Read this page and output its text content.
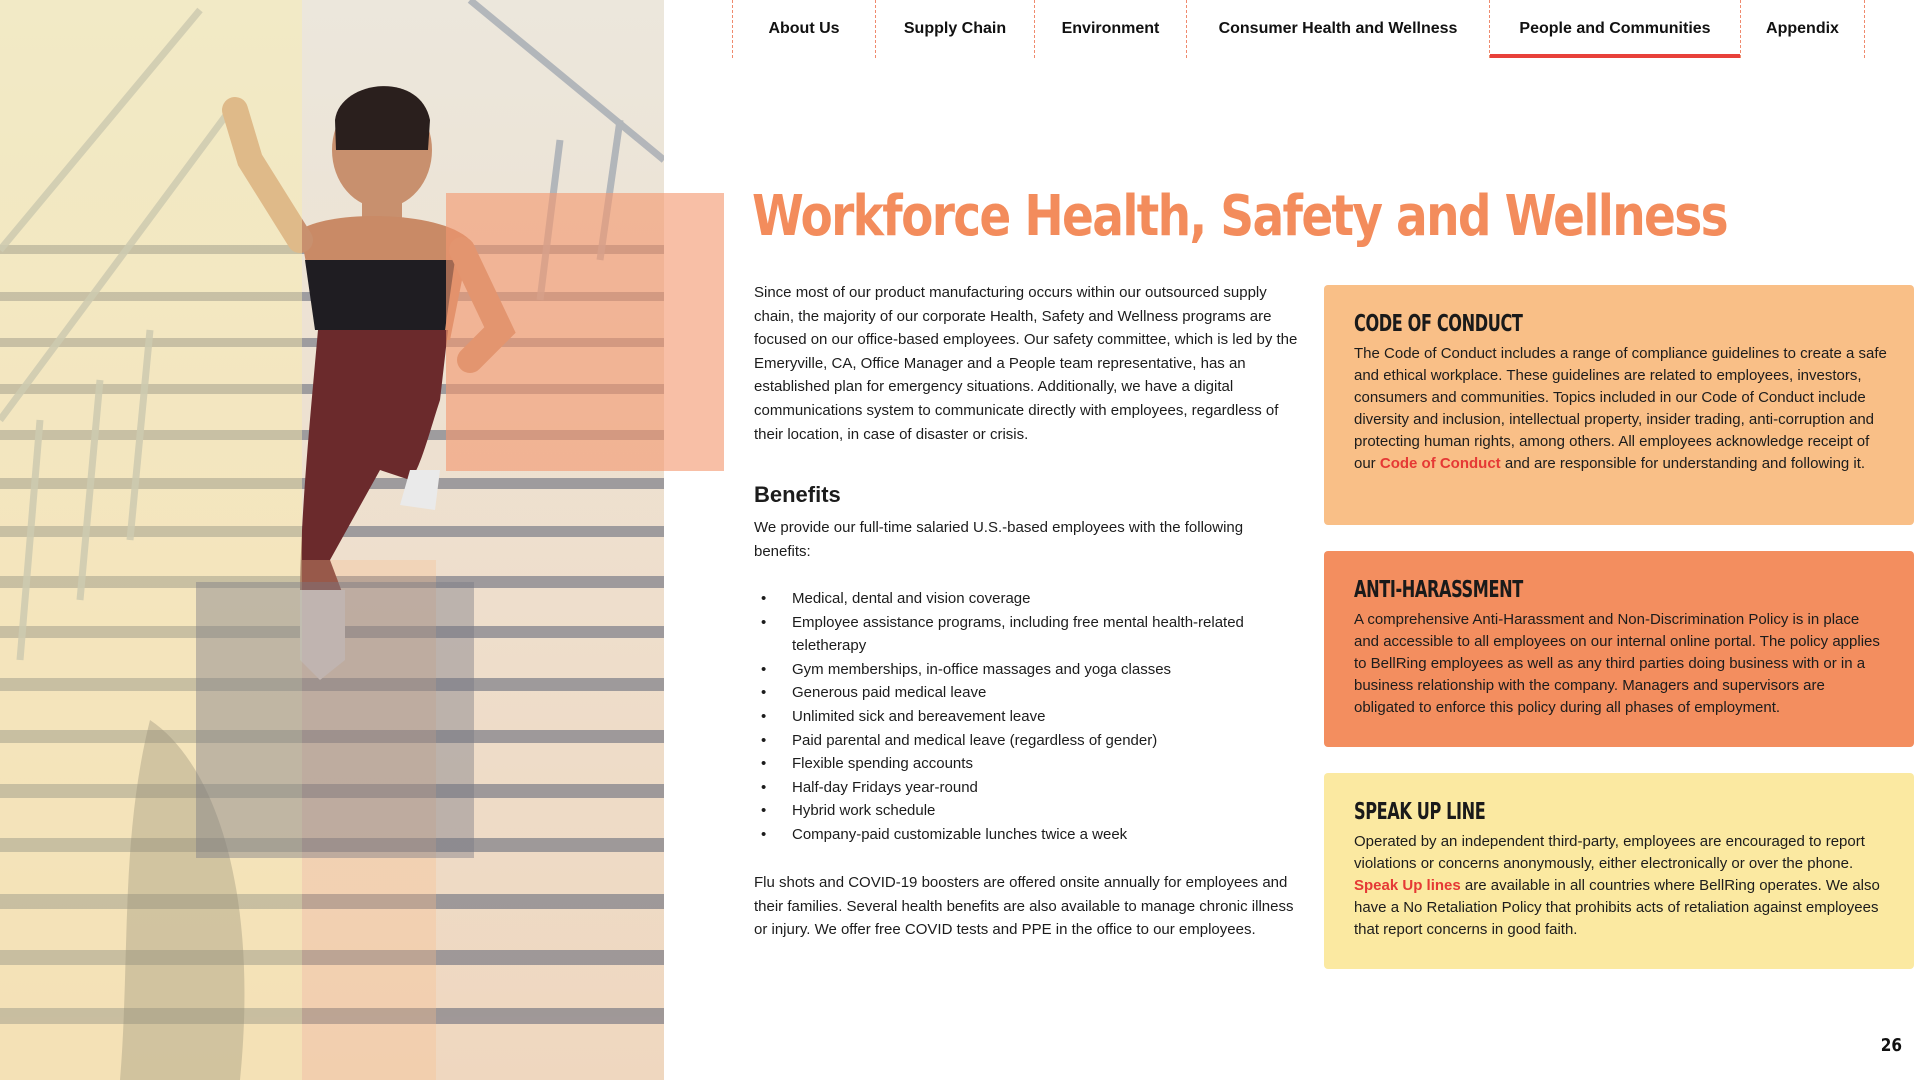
About Us	Supply Chain	Environment	Consumer Health and Wellness	People and Communities	Appendix
Workforce Health, Safety and Wellness

Since most of our product manufacturing occurs within our outsourced supply chain, the majority of our corporate Health, Safety and Wellness programs are focused on our office-based employees. Our safety committee, which is led by the Emeryville, CA, Office Manager and a People team representative, has an established plan for emergency situations. Additionally, we have a digital communications system to communicate directly with employees, regardless of their location, in case of disaster or crisis.

Benefits

We provide our full-time salaried U.S.-based employees with the following benefits:

• Medical, dental and vision coverage
• Employee assistance programs, including free mental health-related teletherapy
• Gym memberships, in-office massages and yoga classes
• Generous paid medical leave
• Unlimited sick and bereavement leave
• Paid parental and medical leave (regardless of gender)
• Flexible spending accounts
• Half-day Fridays year-round
• Hybrid work schedule
• Company-paid customizable lunches twice a week

Flu shots and COVID-19 boosters are offered onsite annually for employees and their families. Several health benefits are also available to manage chronic illness or injury. We offer free COVID tests and PPE in the office to our employees.

CODE OF CONDUCT

The Code of Conduct includes a range of compliance guidelines to create a safe and ethical workplace. These guidelines are related to employees, investors, consumers and communities. Topics included in our Code of Conduct include diversity and inclusion, intellectual property, insider trading, anti-corruption and protecting human rights, among others. All employees acknowledge receipt of our Code of Conduct and are responsible for understanding and following it.

ANTI-HARASSMENT

A comprehensive Anti-Harassment and Non-Discrimination Policy is in place and accessible to all employees on our internal online portal. The policy applies to BellRing employees as well as any third parties doing business with or in a business relationship with the company. Managers and supervisors are obligated to enforce this policy during all phases of employment.

SPEAK UP LINE

Operated by an independent third-party, employees are encouraged to report violations or concerns anonymously, either electronically or over the phone. Speak Up lines are available in all countries where BellRing operates. We also have a No Retaliation Policy that prohibits acts of retaliation against employees that report concerns in good faith.

26
